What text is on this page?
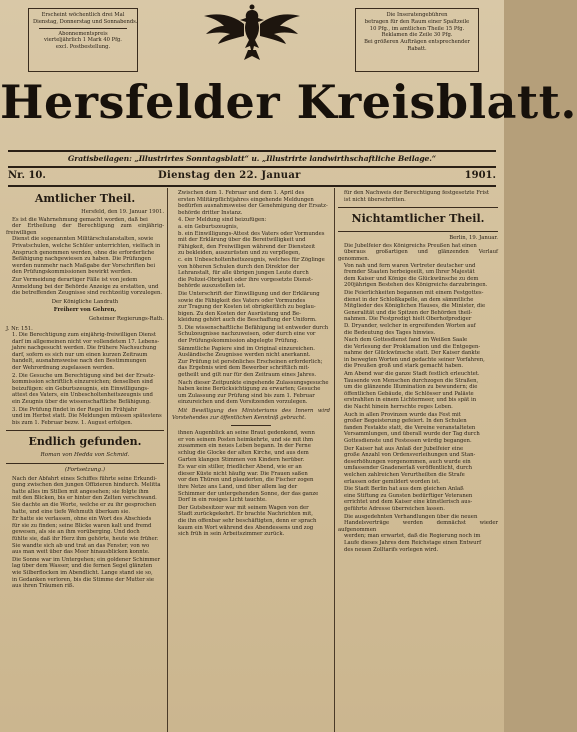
Erscheint wöchentlich drei Mal
Dienstag, Donnerstag und Sonnabends.
Abonnementspreis
vierteljährlich 1 Mark 40 Pfg.
excl. Postbestellung.
Die Inseratengebühren
betragen für den Raum einer Spaltzeile
10 Pfg., im amtlichen Theile 15 Pfg.
Reklamen die Zeile 30 Pfg.
Bei größeren Aufträgen entsprechender
Rabatt.
Hersfelder Kreisblatt.
Gratisbeilagen: „Illustrirtes Sonntagsblatt“ u. „Illustrirte landwirthschaftliche Beilage.“
Nr. 10.	Dienstag den 22. Januar	1901.
Amtlicher Theil.
Hersfeld, den 19. Januar 1901.

Es ist die Wahrnehmung gemacht worden, daß bei
der Ertheilung der Berechtigung zum einjährig-freiwilligen
Dienst die sogenannten Militärschulanstalten, sowie
Privatschulen, welche Schüler unterrichten, vielfach in
Anspruch genommen werden, ohne die erforderliche
Befähigung nachgewiesen zu haben. Die Prüfungen
werden nunmehr nach Maßgabe der Vorschriften bei
den Prüfungskommissionen bewirkt werden.

Zur Vermeidung derartiger Fälle ist von jedem
Anmeldung bei der Behörde Anzeige zu erstatten, und
die betreffenden Zeugnisse sind rechtzeitig vorzulegen.

Der Königliche Landrath
Freiherr von Gehren,
Geheimer Regierungs-Rath.
J. Nr. 151.

1. Die Berechtigung zum einjährig-freiwilligen Dienst
darf im allgemeinen nicht vor vollendetem 17. Lebens-
jahre nachgesucht werden. Die frühere Nachsuchung
darf, sofern es sich nur um einen kurzen Zeitraum
handelt, ausnahmsweise nach den Bestimmungen
der Wehrordnung zugelassen werden.

2. Die Gesuche um Berechtigung sind bei der Ersatz-
kommission schriftlich einzureichen; denselben sind
beizufügen: ein Geburtszeugnis, ein Einwilligungs-
attest des Vaters, ein Unbescholtenheitszeugnis und
ein Zeugnis über die wissenschaftliche Befähigung.

3. Die Prüfung findet in der Regel im Frühjahr
und im Herbst statt. Die Meldungen müssen spätestens
bis zum 1. Februar bezw. 1. August erfolgen.

Endlich gefunden.
Roman von Hedda von Schmid.
(Fortsetzung.)

Nach der Abfahrt eines Schiffes führte seine Erkundi-
gung zwischen den jungen Offizieren hindurch. Melitta
hatte alles im Stillen mit angesehen; sie folgte ihm
mit den Blicken, bis er hinter den Zelten verschwand.
Sie dachte an die Worte, welche er zu ihr gesprochen
hatte, und eine tiefe Wehmuth überkam sie.

Er hatte sie verlassen, ohne ein Wort des Abschieds
für sie zu finden; seine Blicke waren kalt und fremd
gewesen, als sie an ihm vorüberging. Und doch
fühlte sie, daß ihr Herz ihm gehörte, heute wie früher.
Sie wandte sich ab und trat an das Fenster, von wo
aus man weit über das Meer hinausblicken konnte.

Die Sonne war im Untergehen; ein goldener Schimmer
lag über dem Wasser, und die fernen Segel glänzten
wie Silberflocken im Abendlicht. Lange stand sie so,
in Gedanken verloren, bis die Stimme der Mutter sie
aus ihren Träumen riß.

Zwischen dem 1. Februar und dem 1. April des
ersten Militärpflichtjahres eingehende Meldungen
bedürfen ausnahmsweise der Genehmigung der Ersatz-
behörde dritter Instanz.

4. Der Meldung sind beizufügen:
a. ein Geburtszeugnis,
b. ein Einwilligungs-Attest des Vaters oder Vormundes
mit der Erklärung über die Bereitwilligkeit und
Fähigkeit, den Freiwilligen während der Dienstzeit
zu bekleiden, auszurüsten und zu verpflegen,
c. ein Unbescholtenheitszeugnis, welches für Zöglinge
von höheren Schulen durch den Direktor der
Lehranstalt, für alle übrigen jungen Leute durch
die Polizei-Obrigkeit oder ihre vorgesetzte Dienst-
behörde auszustellen ist.

Die Unterschrift der Einwilligung und der Erklärung
sowie die Fähigkeit des Vaters oder Vormundes
zur Tragung der Kosten ist obrigkeitlich zu beglau-
bigen. Zu den Kosten der Ausrüstung und Be-
kleidung gehört auch die Beschaffung der Uniform.

5. Die wissenschaftliche Befähigung ist entweder durch
Schulzeugnisse nachzuweisen, oder durch eine vor
der Prüfungskommission abgelegte Prüfung.

Sämmtliche Papiere sind im Original einzureichen.
Ausländische Zeugnisse werden nicht anerkannt.
Zur Prüfung ist persönliches Erscheinen erforderlich;
das Ergebnis wird dem Bewerber schriftlich mit-
getheilt und gilt nur für den Zeitraum eines Jahres.

Nach dieser Zeitpunkte eingehende Zulassungsgesuche
haben keine Berücksichtigung zu erwarten; Gesuche
um Zulassung zur Prüfung sind bis zum 1. Februar
einzureichen und dem Vorsitzenden vorzulegen.

Mit Bewilligung des Ministeriums des Innern wird Vorstehendes zur öffentlichen Kenntniß gebracht.

ihnen Augenblick an seine Braut gedenkend, wenn
er von seinem Posten heimkehrte, und sie mit ihm
zusammen ein neues Leben begann. In der Ferne
schlug die Glocke der alten Kirche, und aus dem
Garten klangen Stimmen von Kindern herüber.

Es war ein stiller, friedlicher Abend, wie er an
dieser Küste nicht häufig war. Die Frauen saßen
vor den Thüren und plauderten, die Fischer zogen
ihre Netze ans Land, und über allem lag der
Schimmer der untergehenden Sonne, der das ganze
Dorf in ein rosiges Licht tauchte.

Der Gutsbesitzer war mit seinem Wagen von der
Stadt zurückgekehrt. Er brachte Nachrichten mit,
die ihn offenbar sehr beschäftigten, denn er sprach
kaum ein Wort während des Abendessens und zog
sich früh in sein Arbeitszimmer zurück.

für den Nachweis der Berechtigung festgesetzte Frist
ist nicht überschritten.

Nichtamtlicher Theil.
Berlin, 19. Januar.

Die Jubelfeier des Königreichs Preußen hat einen
überaus großartigen und glänzenden Verlauf genommen.
Von nah und fern waren Vertreter deutscher und
fremder Staaten herbeigeeilt, um Ihrer Majestät
dem Kaiser und Könige die Glückwünsche zu dem
200jährigen Bestehen des Königreichs darzubringen.

Die Feierlichkeiten begannen mit einem Festgottes-
dienst in der Schloßkapelle, an dem sämmtliche
Mitglieder des Königlichen Hauses, die Minister, die
Generalität und die Spitzen der Behörden theil-
nahmen. Die Festpredigt hielt Oberhofprediger
D. Dryander, welcher in ergreifenden Worten auf
die Bedeutung des Tages hinwies.

Nach dem Gottesdienst fand im Weißen Saale
die Verlesung der Proklamation und die Entgegen-
nahme der Glückwünsche statt. Der Kaiser dankte
in bewegten Worten und gedachte seiner Vorfahren,
die Preußen groß und stark gemacht haben.

Am Abend war die ganze Stadt festlich erleuchtet.
Tausende von Menschen durchzogen die Straßen,
um die glänzende Illumination zu bewundern; die
öffentlichen Gebäude, die Schlösser und Paläste
erstrahlten in einem Lichtermeer, und bis spät in
die Nacht hinein herrschte reges Leben.

Auch in allen Provinzen wurde das Fest mit
großer Begeisterung gefeiert. In den Schulen
fanden Festakte statt, die Vereine veranstalteten
Versammlungen, und überall wurde der Tag durch
Gottesdienste und Festessen würdig begangen.

Der Kaiser hat aus Anlaß der Jubelfeier eine
große Anzahl von Ordensverleihungen und Stan-
deserhöhungen vorgenommen, auch wurde ein
umfassender Gnadenerlaß veröffentlicht, durch
welchen zahlreichen Verurtheilten die Strafe
erlassen oder gemildert worden ist.

Die Stadt Berlin hat aus dem gleichen Anlaß
eine Stiftung zu Gunsten bedürftiger Veteranen
errichtet und dem Kaiser eine künstlerisch aus-
geführte Adresse überreichen lassen.

Die ausgedehnten Verhandlungen über die neuen
Handelsverträge werden demnächst wieder aufgenommen
werden; man erwartet, daß die Regierung noch im
Laufe dieses Jahres dem Reichstage einen Entwurf
des neuen Zolltarifs vorlegen wird.
